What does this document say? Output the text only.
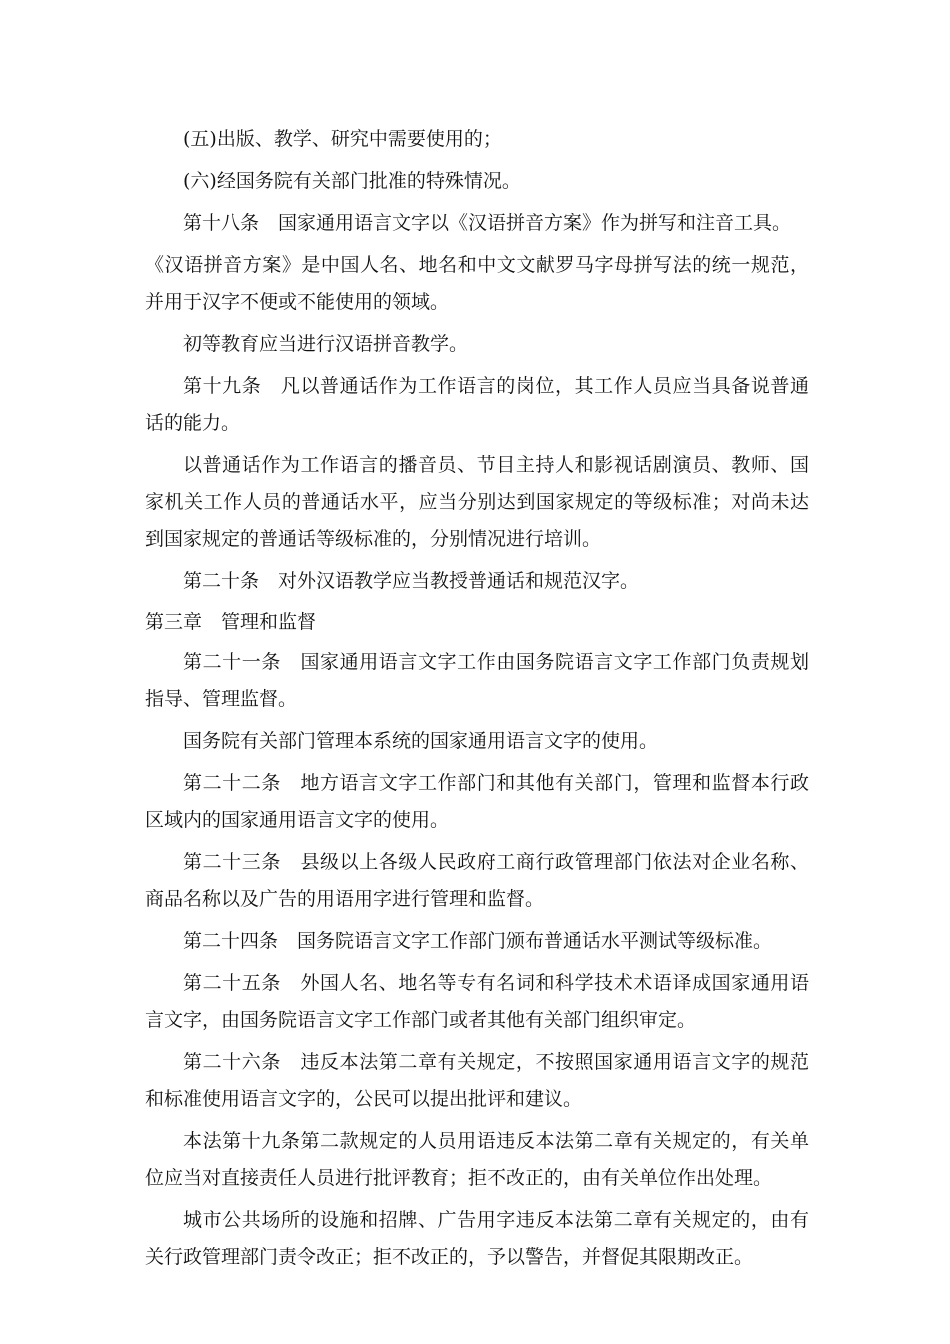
(五)出版、教学、研究中需要使用的；

(六)经国务院有关部门批准的特殊情况。

第十八条　国家通用语言文字以《汉语拼音方案》作为拼写和注音工具。

《汉语拼音方案》是中国人名、地名和中文文献罗马字母拼写法的统一规范，并用于汉字不便或不能使用的领域。

初等教育应当进行汉语拼音教学。

第十九条　凡以普通话作为工作语言的岗位，其工作人员应当具备说普通话的能力。

以普通话作为工作语言的播音员、节目主持人和影视话剧演员、教师、国家机关工作人员的普通话水平，应当分别达到国家规定的等级标准；对尚未达到国家规定的普通话等级标准的，分别情况进行培训。

第二十条　对外汉语教学应当教授普通话和规范汉字。

第三章　管理和监督

第二十一条　国家通用语言文字工作由国务院语言文字工作部门负责规划指导、管理监督。

国务院有关部门管理本系统的国家通用语言文字的使用。

第二十二条　地方语言文字工作部门和其他有关部门，管理和监督本行政区域内的国家通用语言文字的使用。

第二十三条　县级以上各级人民政府工商行政管理部门依法对企业名称、商品名称以及广告的用语用字进行管理和监督。

第二十四条　国务院语言文字工作部门颁布普通话水平测试等级标准。

第二十五条　外国人名、地名等专有名词和科学技术术语译成国家通用语言文字，由国务院语言文字工作部门或者其他有关部门组织审定。

第二十六条　违反本法第二章有关规定，不按照国家通用语言文字的规范和标准使用语言文字的，公民可以提出批评和建议。

本法第十九条第二款规定的人员用语违反本法第二章有关规定的，有关单位应当对直接责任人员进行批评教育；拒不改正的，由有关单位作出处理。

城市公共场所的设施和招牌、广告用字违反本法第二章有关规定的，由有关行政管理部门责令改正；拒不改正的，予以警告，并督促其限期改正。
